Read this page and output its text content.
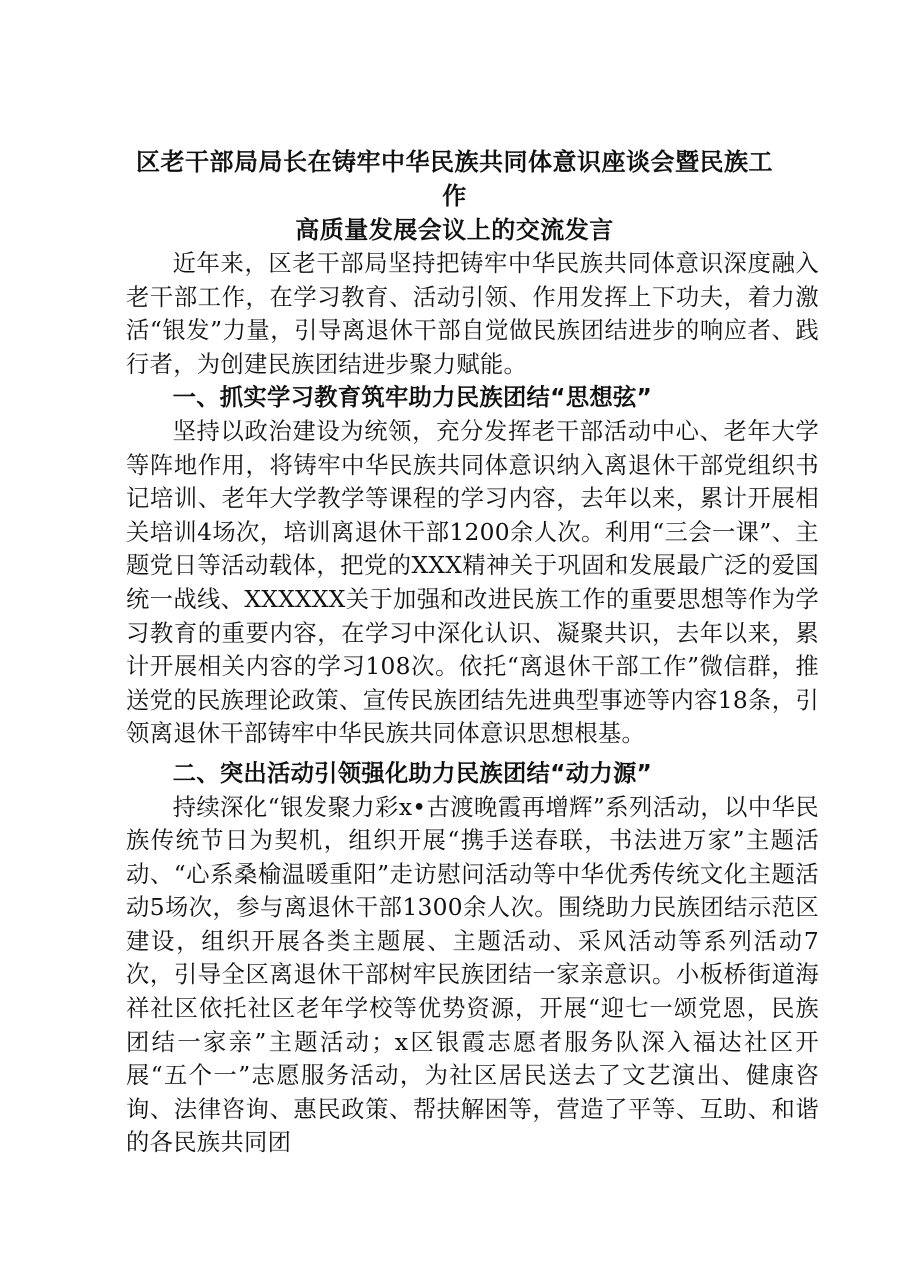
区老干部局局长在铸牢中华民族共同体意识座谈会暨民族工作
高质量发展会议上的交流发言

近年来，区老干部局坚持把铸牢中华民族共同体意识深度融入老干部工作，在学习教育、活动引领、作用发挥上下功夫，着力激活“银发”力量，引导离退休干部自觉做民族团结进步的响应者、践行者，为创建民族团结进步聚力赋能。

一、抓实学习教育筑牢助力民族团结“思想弦”

坚持以政治建设为统领，充分发挥老干部活动中心、老年大学等阵地作用，将铸牢中华民族共同体意识纳入离退休干部党组织书记培训、老年大学教学等课程的学习内容，去年以来，累计开展相关培训4场次，培训离退休干部1200余人次。利用“三会一课”、主题党日等活动载体，把党的XXX精神关于巩固和发展最广泛的爱国统一战线、XXXXXX关于加强和改进民族工作的重要思想等作为学习教育的重要内容，在学习中深化认识、凝聚共识，去年以来，累计开展相关内容的学习108次。依托“离退休干部工作”微信群，推送党的民族理论政策、宣传民族团结先进典型事迹等内容18条，引领离退休干部铸牢中华民族共同体意识思想根基。

二、突出活动引领强化助力民族团结“动力源”

持续深化“银发聚力彩x•古渡晚霞再增辉”系列活动，以中华民族传统节日为契机，组织开展“携手送春联，书法进万家”主题活动、“心系桑榆温暖重阳”走访慰问活动等中华优秀传统文化主题活动5场次，参与离退休干部1300余人次。围绕助力民族团结示范区建设，组织开展各类主题展、主题活动、采风活动等系列活动7次，引导全区离退休干部树牢民族团结一家亲意识。小板桥街道海祥社区依托社区老年学校等优势资源，开展“迎七一颂党恩，民族团结一家亲”主题活动；x区银霞志愿者服务队深入福达社区开展“五个一”志愿服务活动，为社区居民送去了文艺演出、健康咨询、法律咨询、惠民政策、帮扶解困等，营造了平等、互助、和谐的各民族共同团
